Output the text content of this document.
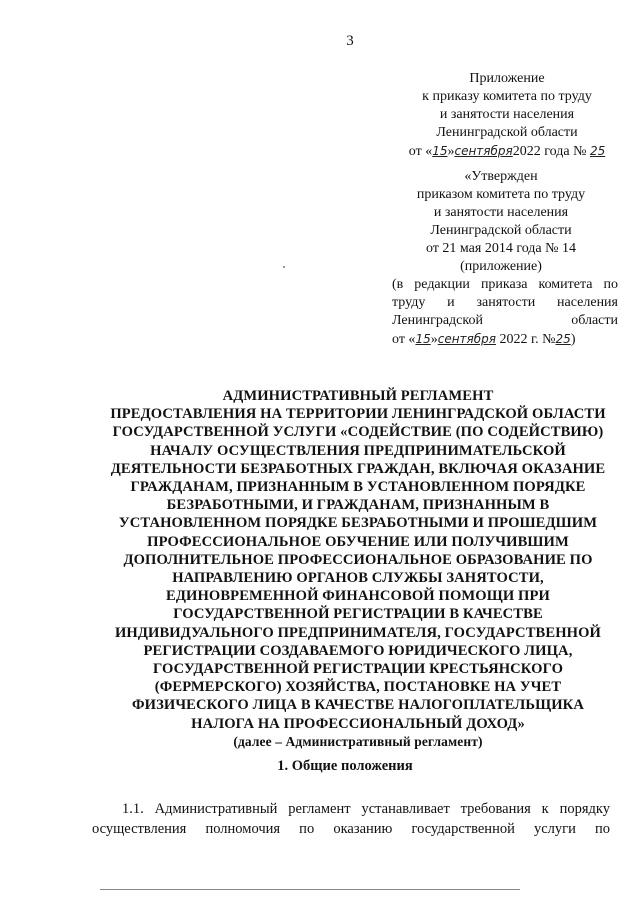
3
Приложение
к приказу комитета по труду
и занятости населения
Ленинградской области
от «15»сентября2022 года № 25
«Утвержден
приказом комитета по труду
и занятости населения
Ленинградской области
от 21 мая 2014 года № 14
(приложение)
(в редакции приказа комитета по
труду и занятости населения
Ленинградской области
от «15»сентября 2022 г. №25)
АДМИНИСТРАТИВНЫЙ РЕГЛАМЕНТ
ПРЕДОСТАВЛЕНИЯ НА ТЕРРИТОРИИ ЛЕНИНГРАДСКОЙ ОБЛАСТИ
ГОСУДАРСТВЕННОЙ УСЛУГИ «СОДЕЙСТВИЕ (ПО СОДЕЙСТВИЮ)
НАЧАЛУ ОСУЩЕСТВЛЕНИЯ ПРЕДПРИНИМАТЕЛЬСКОЙ
ДЕЯТЕЛЬНОСТИ БЕЗРАБОТНЫХ ГРАЖДАН, ВКЛЮЧАЯ ОКАЗАНИЕ
ГРАЖДАНАМ, ПРИЗНАННЫМ В УСТАНОВЛЕННОМ ПОРЯДКЕ
БЕЗРАБОТНЫМИ, И ГРАЖДАНАМ, ПРИЗНАННЫМ В
УСТАНОВЛЕННОМ ПОРЯДКЕ БЕЗРАБОТНЫМИ И ПРОШЕДШИМ
ПРОФЕССИОНАЛЬНОЕ ОБУЧЕНИЕ ИЛИ ПОЛУЧИВШИМ
ДОПОЛНИТЕЛЬНОЕ ПРОФЕССИОНАЛЬНОЕ ОБРАЗОВАНИЕ ПО
НАПРАВЛЕНИЮ ОРГАНОВ СЛУЖБЫ ЗАНЯТОСТИ,
ЕДИНОВРЕМЕННОЙ ФИНАНСОВОЙ ПОМОЩИ ПРИ
ГОСУДАРСТВЕННОЙ РЕГИСТРАЦИИ В КАЧЕСТВЕ
ИНДИВИДУАЛЬНОГО ПРЕДПРИНИМАТЕЛЯ, ГОСУДАРСТВЕННОЙ
РЕГИСТРАЦИИ СОЗДАВАЕМОГО ЮРИДИЧЕСКОГО ЛИЦА,
ГОСУДАРСТВЕННОЙ РЕГИСТРАЦИИ КРЕСТЬЯНСКОГО
(ФЕРМЕРСКОГО) ХОЗЯЙСТВА, ПОСТАНОВКЕ НА УЧЕТ
ФИЗИЧЕСКОГО ЛИЦА В КАЧЕСТВЕ НАЛОГОПЛАТЕЛЬЩИКА
НАЛОГА НА ПРОФЕССИОНАЛЬНЫЙ ДОХОД»
(далее – Административный регламент)
1. Общие положения
1.1. Административный регламент устанавливает требования к порядку
осуществления полномочия по оказанию государственной услуги по
